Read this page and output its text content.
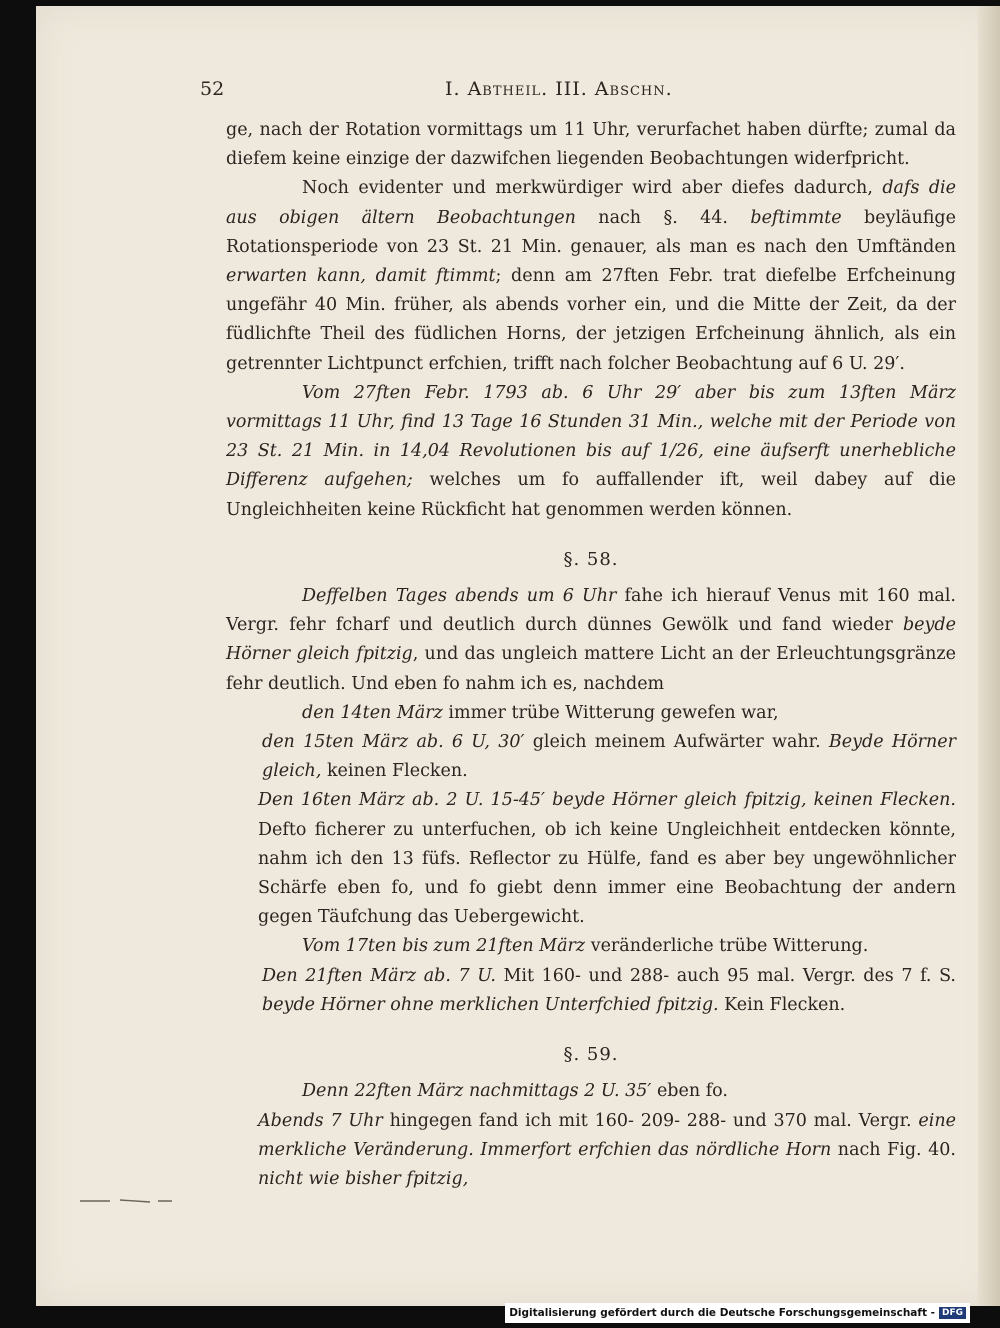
52	I. Abtheil. III. Abschn.

ge, nach der Rotation vormittags um 11 Uhr, verurfachet haben dürfte; zumal da diefem keine einzige der dazwifchen liegenden Beobachtungen widerfpricht.

Noch evidenter und merkwürdiger wird aber diefes dadurch, dafs die aus obigen ältern Beobachtungen nach §. 44. beftimmte beyläufige Rotationsperiode von 23 St. 21 Min. genauer, als man es nach den Umftänden erwarten kann, damit ftimmt; denn am 27ften Febr. trat diefelbe Erfcheinung ungefähr 40 Min. früher, als abends vorher ein, und die Mitte der Zeit, da der füdlichfte Theil des füdlichen Horns, der jetzigen Erfcheinung ähnlich, als ein getrennter Lichtpunct erfchien, trifft nach folcher Beobachtung auf 6 U. 29′.

Vom 27ften Febr. 1793 ab. 6 Uhr 29′ aber bis zum 13ften März vormittags 11 Uhr, find 13 Tage 16 Stunden 31 Min., welche mit der Periode von 23 St. 21 Min. in 14,04 Revolutionen bis auf 1/26, eine äufserft unerhebliche Differenz aufgehen; welches um fo auffallender ift, weil dabey auf die Ungleichheiten keine Rückficht hat genommen werden können.

§. 58.

Deffelben Tages abends um 6 Uhr fahe ich hierauf Venus mit 160 mal. Vergr. fehr fcharf und deutlich durch dünnes Gewölk und fand wieder beyde Hörner gleich fpitzig, und das ungleich mattere Licht an der Erleuchtungsgränze fehr deutlich. Und eben fo nahm ich es, nachdem

den 14ten März immer trübe Witterung gewefen war,

den 15ten März ab. 6 U, 30′ gleich meinem Aufwärter wahr. Beyde Hörner gleich, keinen Flecken.

Den 16ten März ab. 2 U. 15-45′ beyde Hörner gleich fpitzig, keinen Flecken. Defto ficherer zu unterfuchen, ob ich keine Ungleichheit entdecken könnte, nahm ich den 13 füfs. Reflector zu Hülfe, fand es aber bey ungewöhnlicher Schärfe eben fo, und fo giebt denn immer eine Beobachtung der andern gegen Täufchung das Uebergewicht.

Vom 17ten bis zum 21ften März veränderliche trübe Witterung.

Den 21ften März ab. 7 U. Mit 160- und 288- auch 95 mal. Vergr. des 7 f. S. beyde Hörner ohne merklichen Unterfchied fpitzig. Kein Flecken.

§. 59.

Denn 22ften März nachmittags 2 U. 35′ eben fo.

Abends 7 Uhr hingegen fand ich mit 160- 209- 288- und 370 mal. Vergr. eine merkliche Veränderung. Immerfort erfchien das nördliche Horn nach Fig. 40. nicht wie bisher fpitzig,

Digitalisierung gefördert durch die Deutsche Forschungsgemeinschaft - DFG
